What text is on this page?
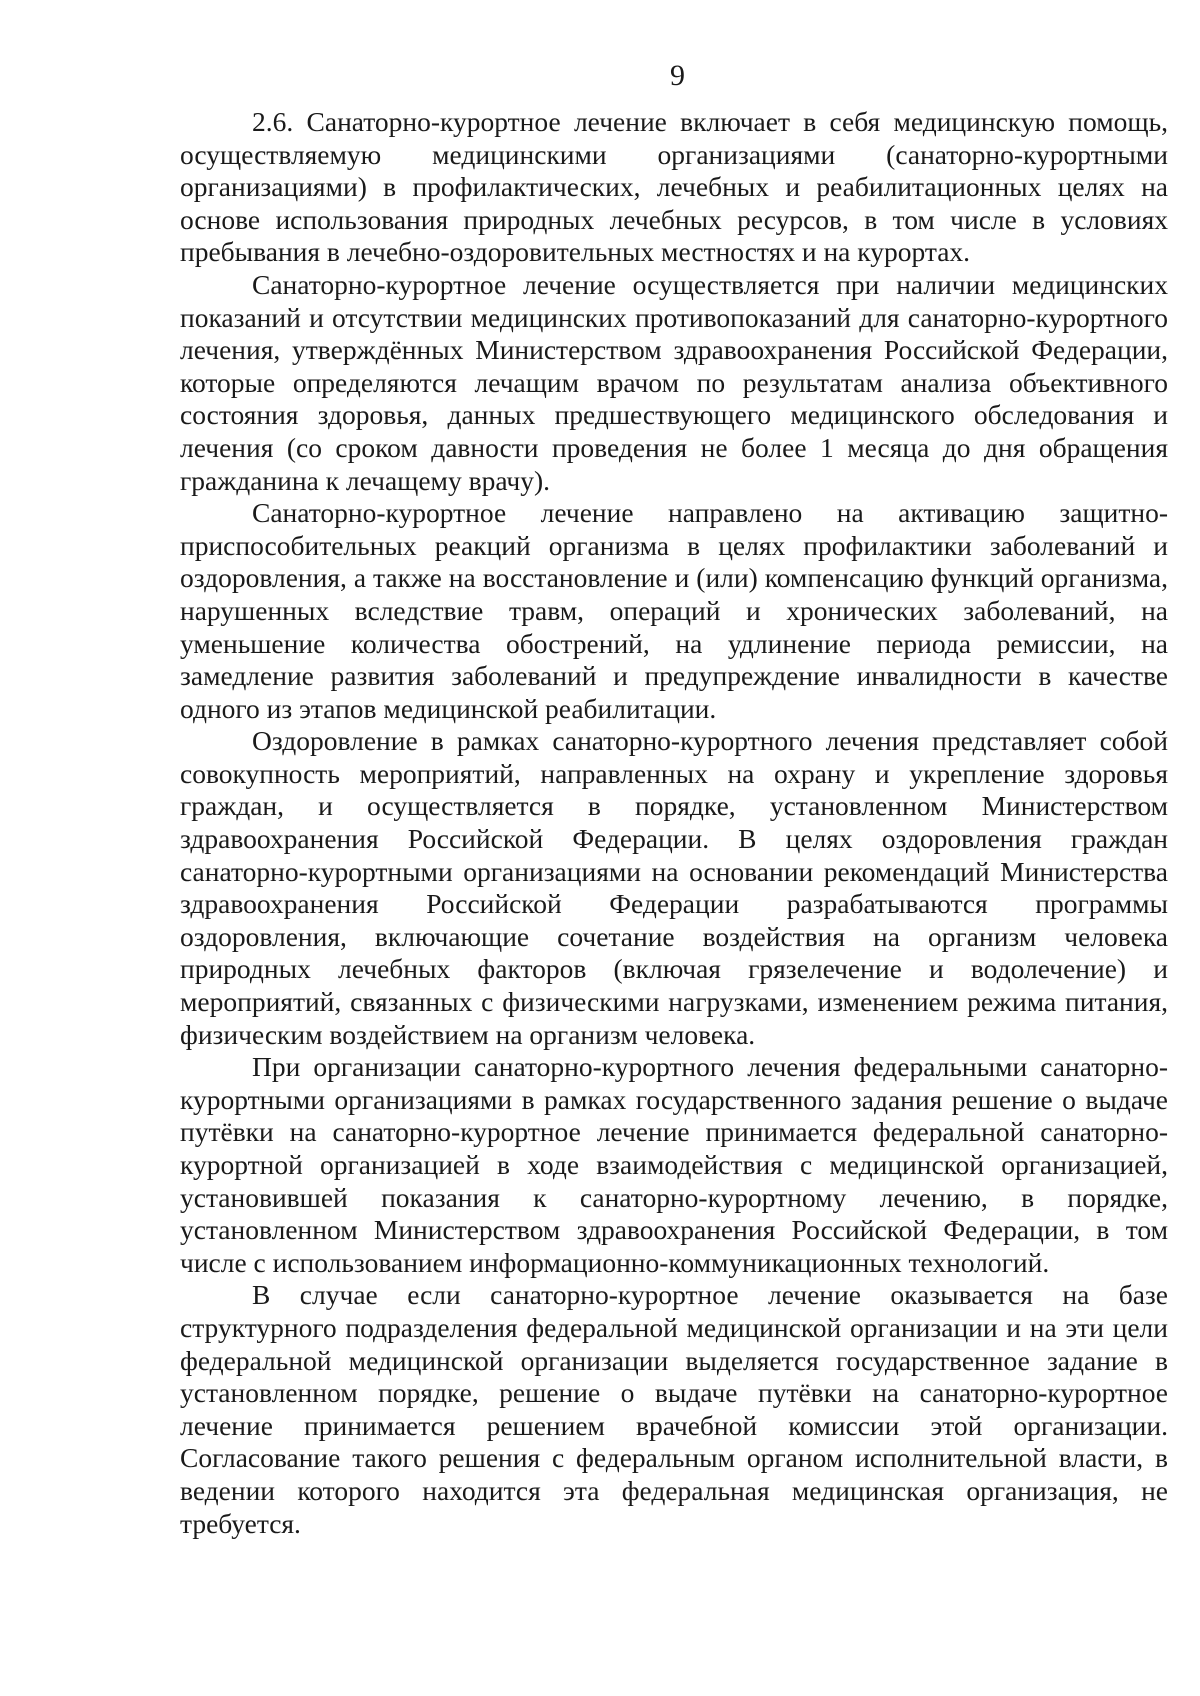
9

2.6. Санаторно-курортное лечение включает в себя медицинскую помощь, осуществляемую медицинскими организациями (санаторно-курортными организациями) в профилактических, лечебных и реабилитационных целях на основе использования природных лечебных ресурсов, в том числе в условиях пребывания в лечебно-оздоровительных местностях и на курортах.

Санаторно-курортное лечение осуществляется при наличии медицинских показаний и отсутствии медицинских противопоказаний для санаторно-курортного лечения, утверждённых Министерством здравоохранения Российской Федерации, которые определяются лечащим врачом по результатам анализа объективного состояния здоровья, данных предшествующего медицинского обследования и лечения (со сроком давности проведения не более 1 месяца до дня обращения гражданина к лечащему врачу).

Санаторно-курортное лечение направлено на активацию защитно-приспособительных реакций организма в целях профилактики заболеваний и оздоровления, а также на восстановление и (или) компенсацию функций организма, нарушенных вследствие травм, операций и хронических заболеваний, на уменьшение количества обострений, на удлинение периода ремиссии, на замедление развития заболеваний и предупреждение инвалидности в качестве одного из этапов медицинской реабилитации.

Оздоровление в рамках санаторно-курортного лечения представляет собой совокупность мероприятий, направленных на охрану и укрепление здоровья граждан, и осуществляется в порядке, установленном Министерством здравоохранения Российской Федерации. В целях оздоровления граждан санаторно-курортными организациями на основании рекомендаций Министерства здравоохранения Российской Федерации разрабатываются программы оздоровления, включающие сочетание воздействия на организм человека природных лечебных факторов (включая грязелечение и водолечение) и мероприятий, связанных с физическими нагрузками, изменением режима питания, физическим воздействием на организм человека.

При организации санаторно-курортного лечения федеральными санаторно-курортными организациями в рамках государственного задания решение о выдаче путёвки на санаторно-курортное лечение принимается федеральной санаторно-курортной организацией в ходе взаимодействия с медицинской организацией, установившей показания к санаторно-курортному лечению, в порядке, установленном Министерством здравоохранения Российской Федерации, в том числе с использованием информационно-коммуникационных технологий.

В случае если санаторно-курортное лечение оказывается на базе структурного подразделения федеральной медицинской организации и на эти цели федеральной медицинской организации выделяется государственное задание в установленном порядке, решение о выдаче путёвки на санаторно-курортное лечение принимается решением врачебной комиссии этой организации. Согласование такого решения с федеральным органом исполнительной власти, в ведении которого находится эта федеральная медицинская организация, не требуется.
